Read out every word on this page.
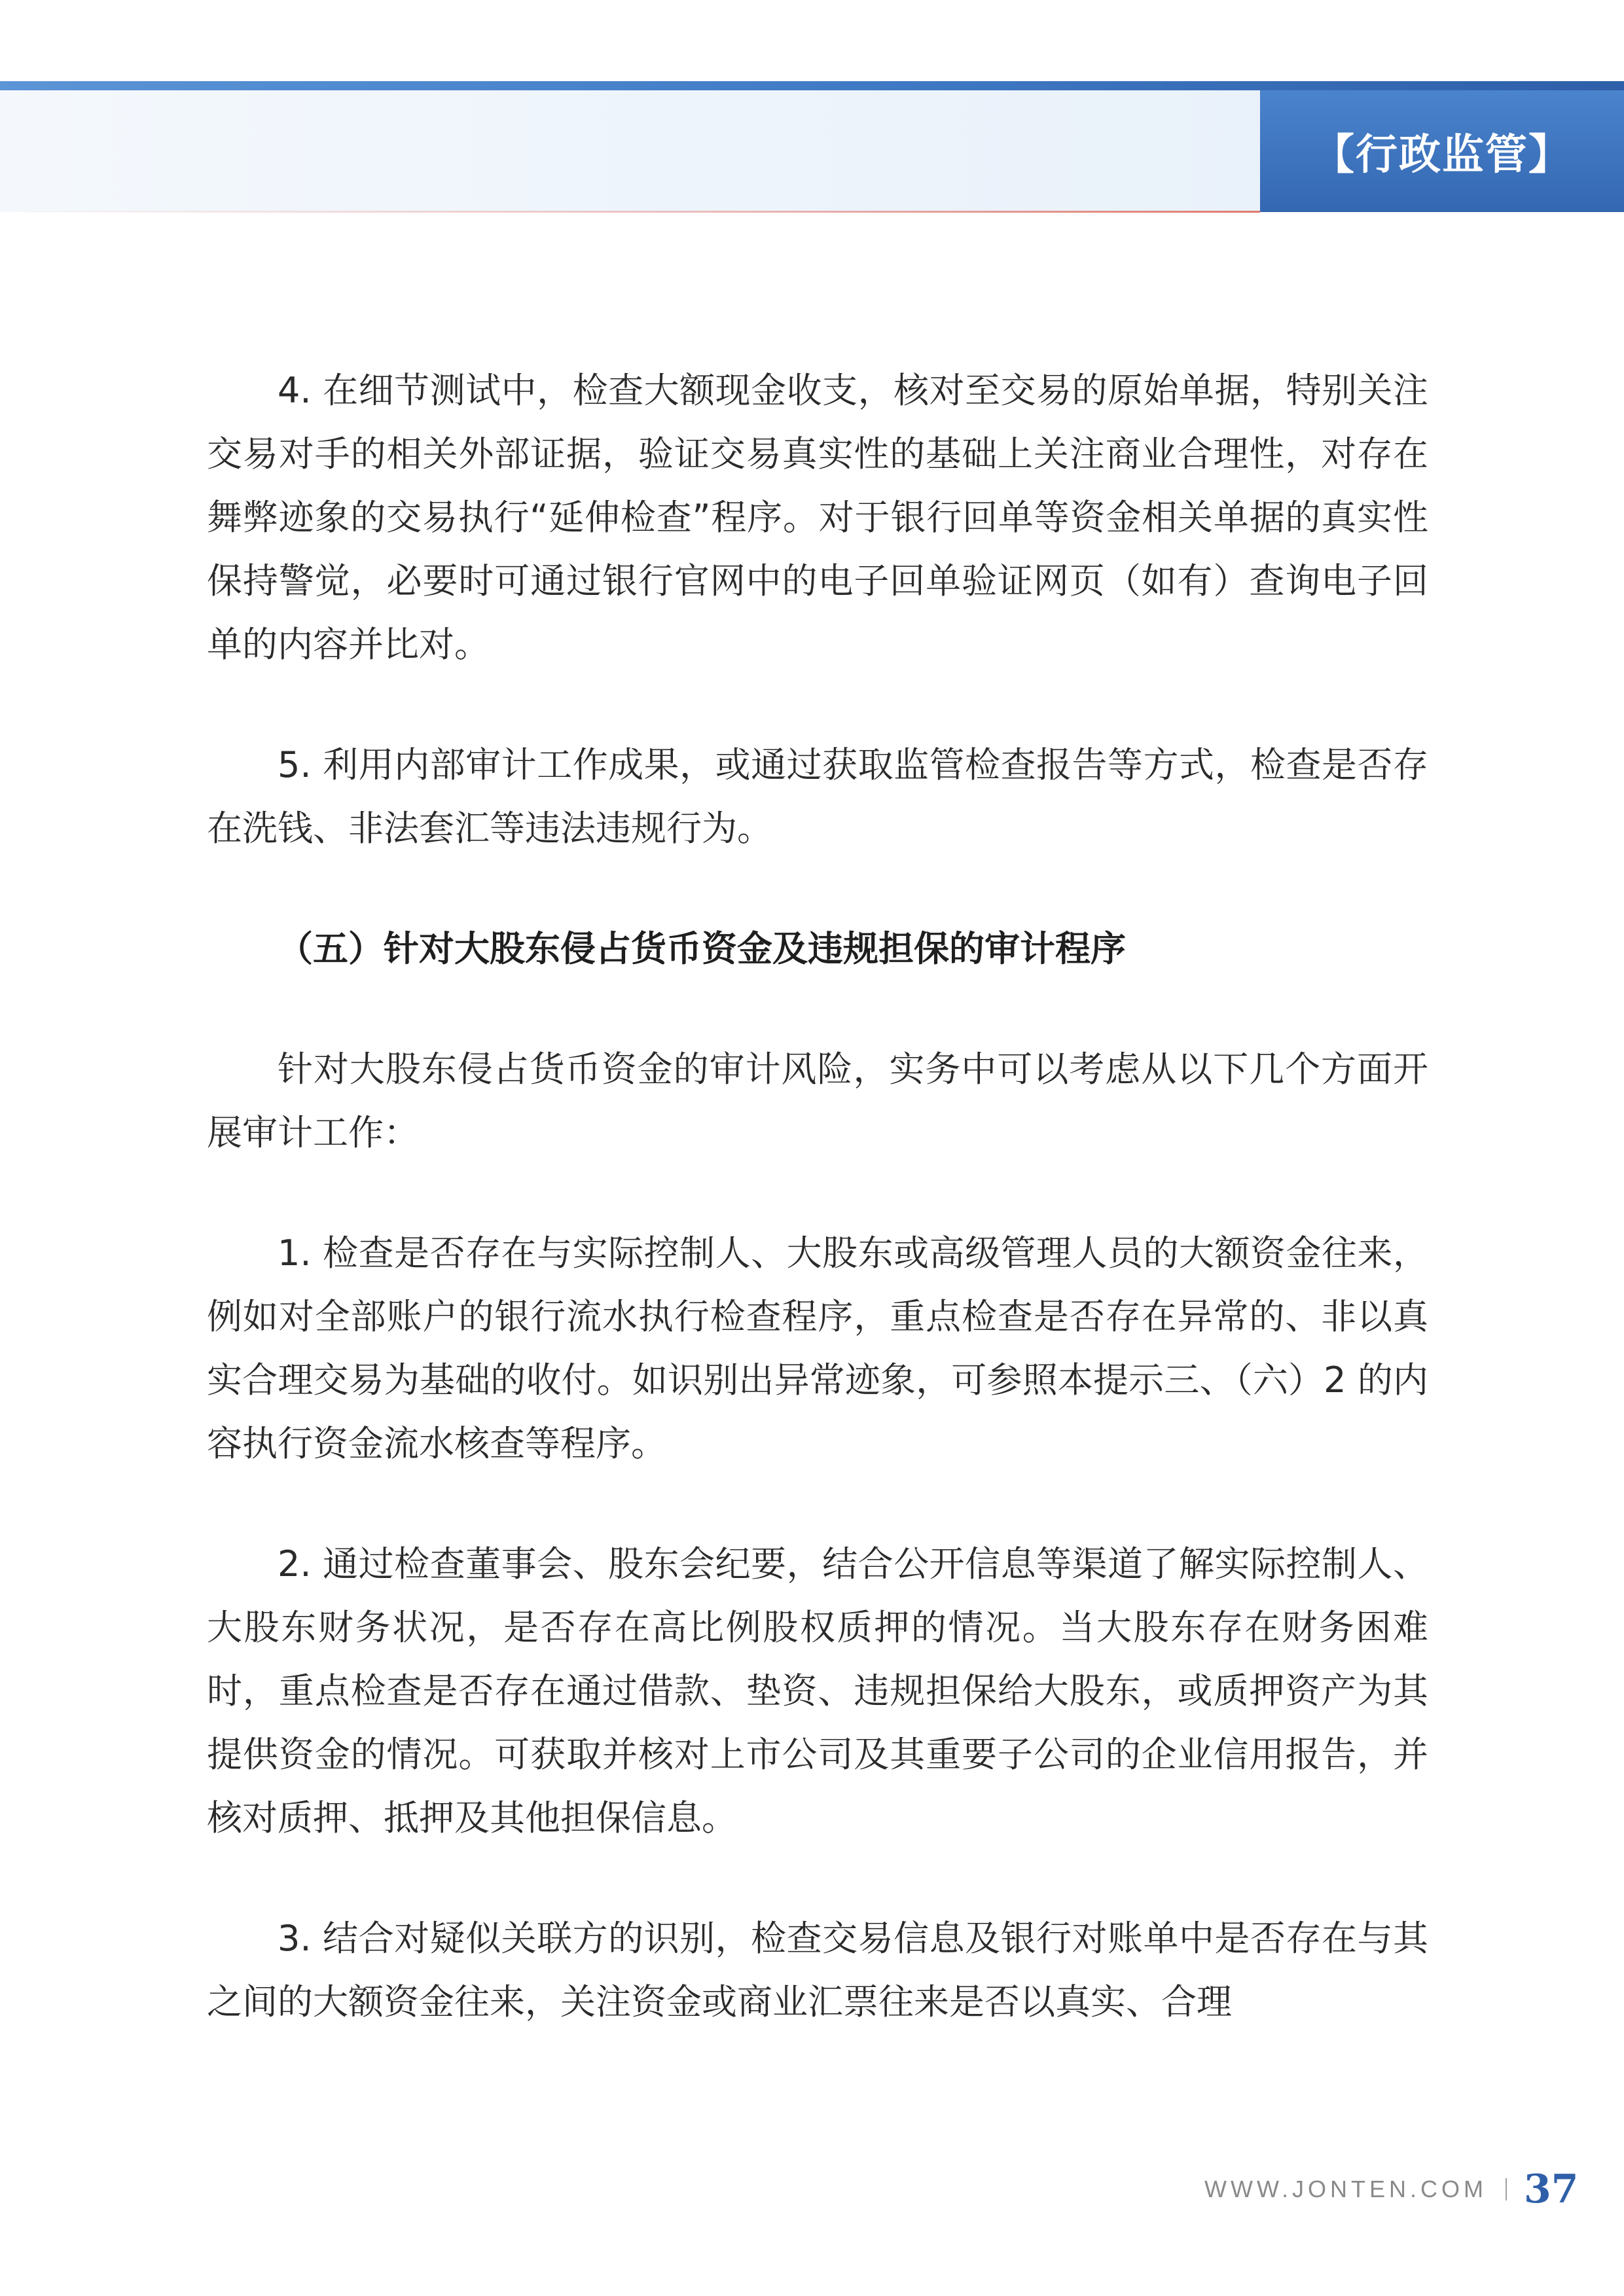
【行政监管】

4. 在细节测试中，检查大额现金收支，核对至交易的原始单据，特别关注交易对手的相关外部证据，验证交易真实性的基础上关注商业合理性，对存在舞弊迹象的交易执行“延伸检查”程序。对于银行回单等资金相关单据的真实性保持警觉，必要时可通过银行官网中的电子回单验证网页（如有）查询电子回单的内容并比对。

5. 利用内部审计工作成果，或通过获取监管检查报告等方式，检查是否存在洗钱、非法套汇等违法违规行为。

（五）针对大股东侵占货币资金及违规担保的审计程序

针对大股东侵占货币资金的审计风险，实务中可以考虑从以下几个方面开展审计工作：

1. 检查是否存在与实际控制人、大股东或高级管理人员的大额资金往来，例如对全部账户的银行流水执行检查程序，重点检查是否存在异常的、非以真实合理交易为基础的收付。如识别出异常迹象，可参照本提示三、（六）2 的内容执行资金流水核查等程序。

2. 通过检查董事会、股东会纪要，结合公开信息等渠道了解实际控制人、大股东财务状况，是否存在高比例股权质押的情况。当大股东存在财务困难时，重点检查是否存在通过借款、垫资、违规担保给大股东，或质押资产为其提供资金的情况。可获取并核对上市公司及其重要子公司的企业信用报告，并核对质押、抵押及其他担保信息。

3. 结合对疑似关联方的识别，检查交易信息及银行对账单中是否存在与其之间的大额资金往来，关注资金或商业汇票往来是否以真实、合理

WWW.JONTEN.COM 37
